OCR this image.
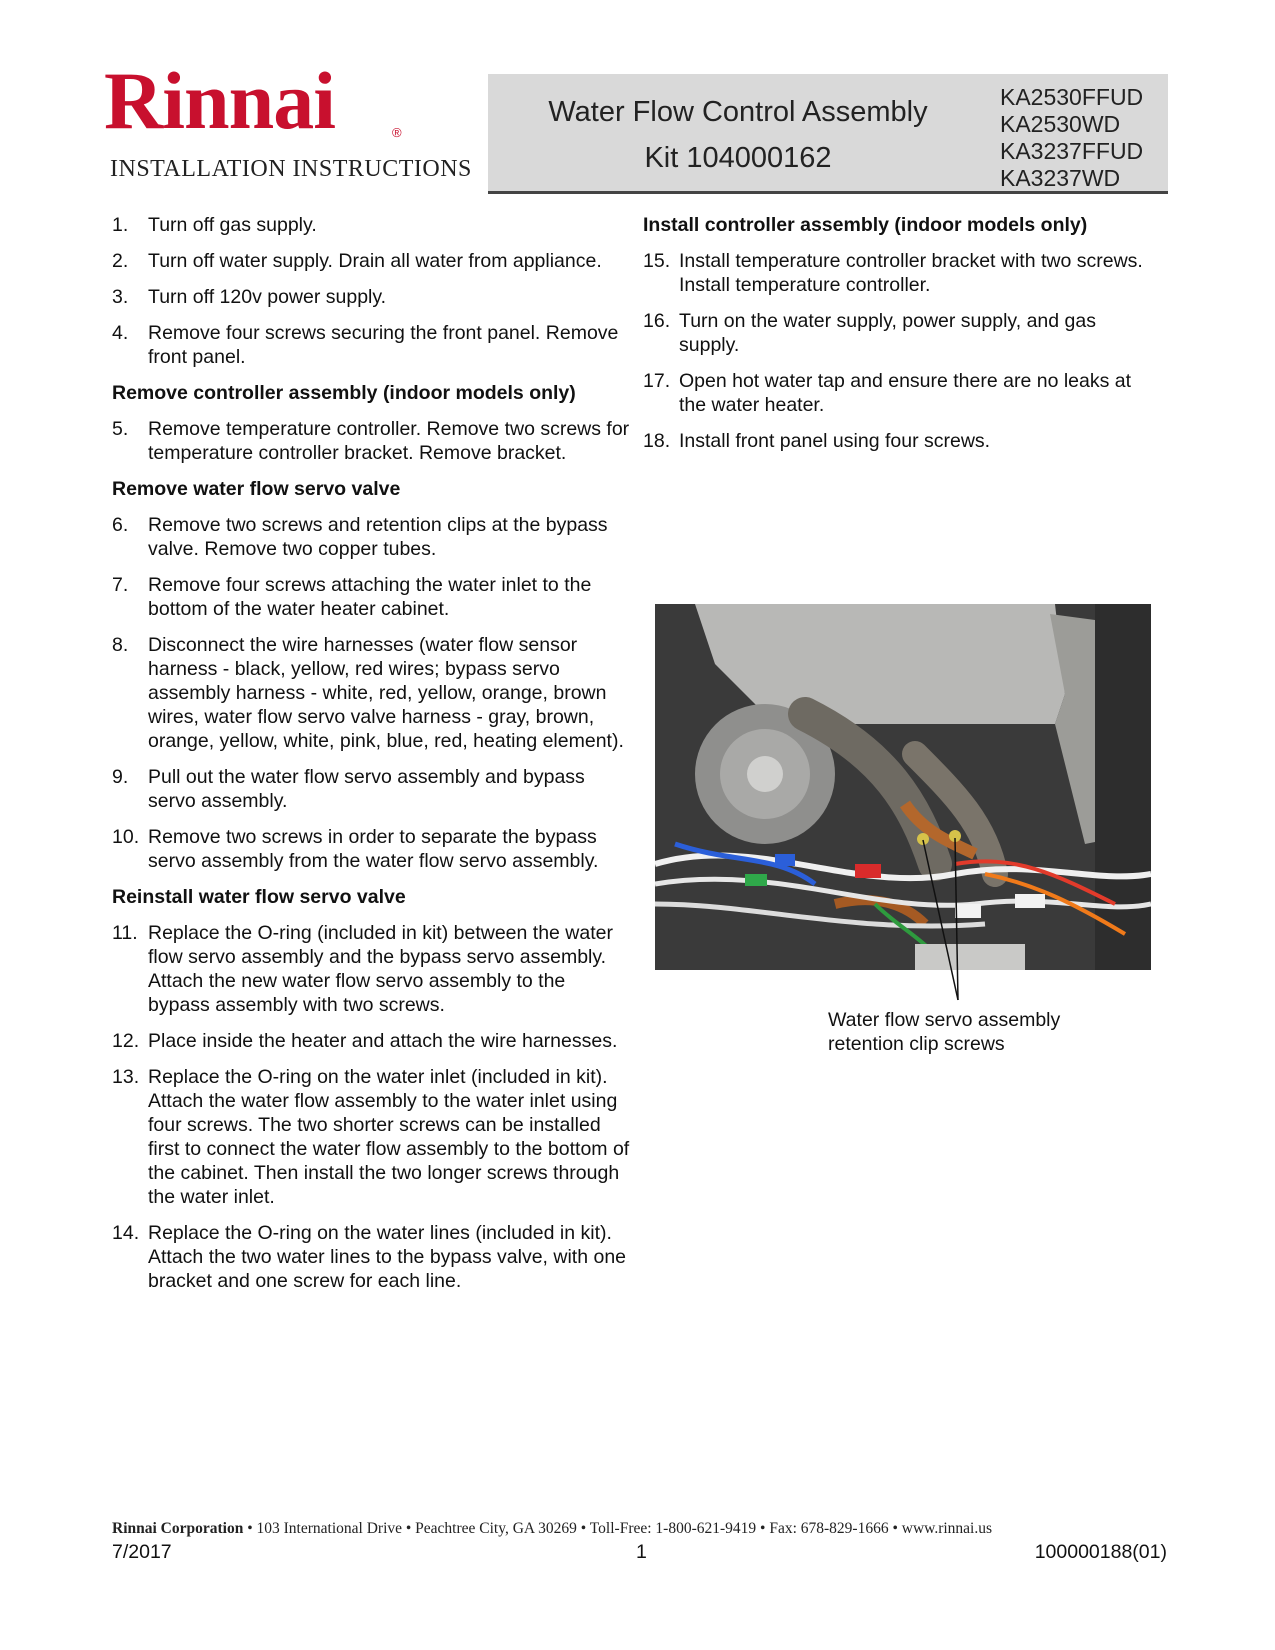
Rinnai	®
INSTALLATION INSTRUCTIONS
Water Flow Control Assembly
Kit 104000162
KA2530FFUD
KA2530WD
KA3237FFUD
KA3237WD
1. Turn off gas supply.
2. Turn off water supply. Drain all water from appliance.
3. Turn off 120v power supply.
4. Remove four screws securing the front panel. Remove front panel.
Remove controller assembly (indoor models only)
5. Remove temperature controller. Remove two screws for temperature controller bracket. Remove bracket.
Remove water flow servo valve
6. Remove two screws and retention clips at the bypass valve. Remove two copper tubes.
7. Remove four screws attaching the water inlet to the bottom of the water heater cabinet.
8. Disconnect the wire harnesses (water flow sensor harness - black, yellow, red wires; bypass servo assembly harness - white, red, yellow, orange, brown wires, water flow servo valve harness - gray, brown, orange, yellow, white, pink, blue, red, heating element).
9. Pull out the water flow servo assembly and bypass servo assembly.
10. Remove two screws in order to separate the bypass servo assembly from the water flow servo assembly.
Reinstall water flow servo valve
11. Replace the O-ring (included in kit) between the water flow servo assembly and the bypass servo assembly. Attach the new water flow servo assembly to the bypass assembly with two screws.
12. Place inside the heater and attach the wire harnesses.
13. Replace the O-ring on the water inlet (included in kit). Attach the water flow assembly to the water inlet using four screws. The two shorter screws can be installed first to connect the water flow assembly to the bottom of the cabinet. Then install the two longer screws through the water inlet.
14. Replace the O-ring on the water lines (included in kit). Attach the two water lines to the bypass valve, with one bracket and one screw for each line.
Install controller assembly (indoor models only)
15. Install temperature controller bracket with two screws. Install temperature controller.
16. Turn on the water supply, power supply, and gas supply.
17. Open hot water tap and ensure there are no leaks at the water heater.
18. Install front panel using four screws.
Water flow servo assembly
retention clip screws
Rinnai Corporation • 103 International Drive • Peachtree City, GA 30269 • Toll-Free: 1-800-621-9419 • Fax: 678-829-1666 • www.rinnai.us
7/2017	1	100000188(01)
